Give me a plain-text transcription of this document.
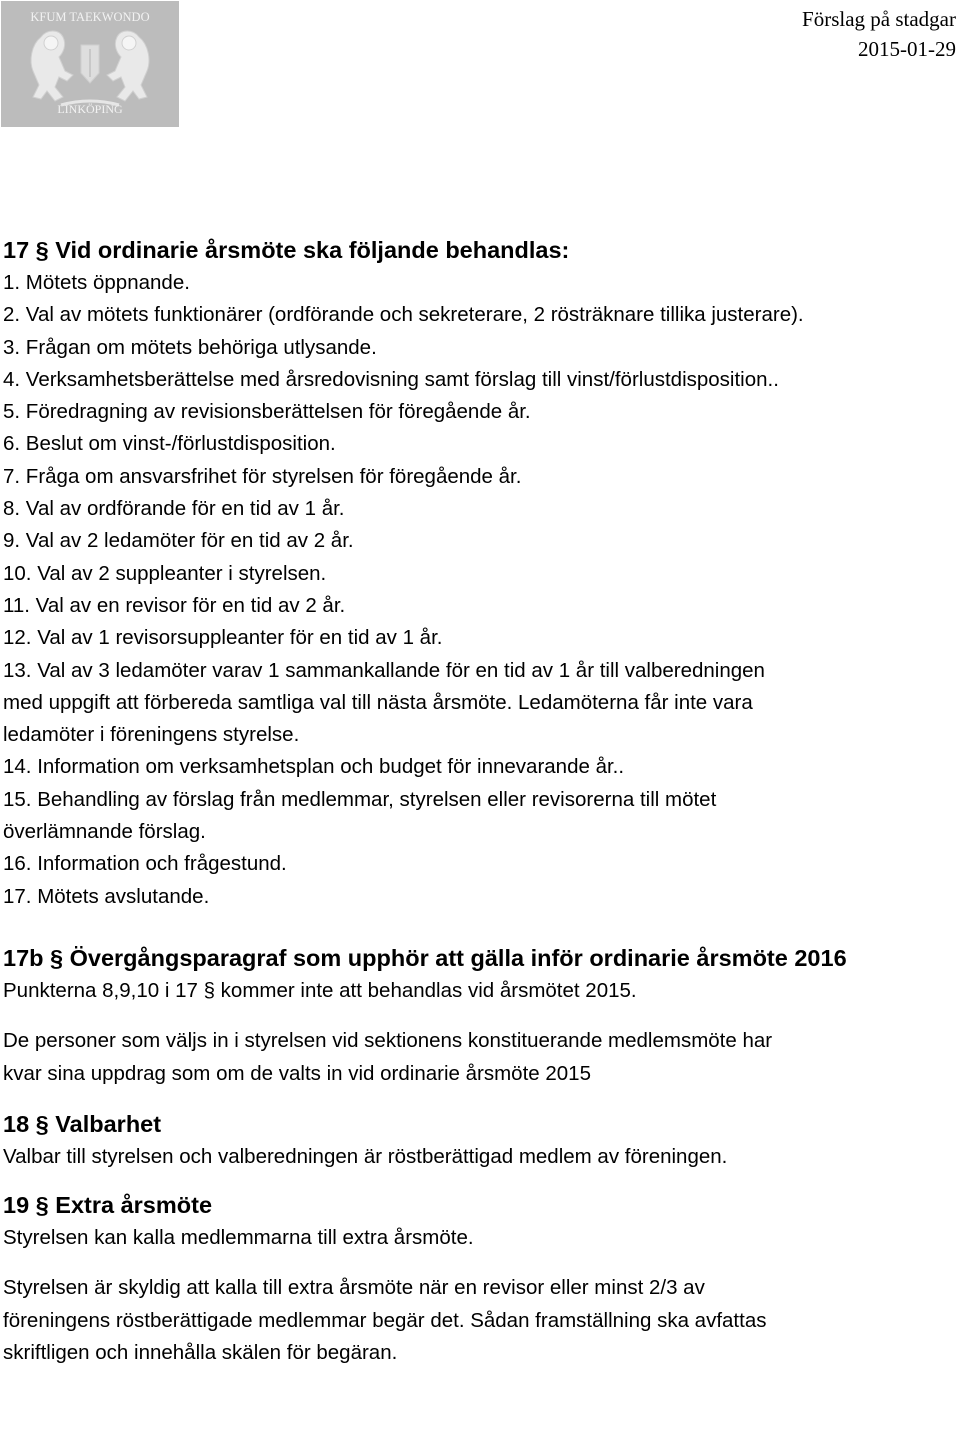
KFUM TAEKWONDO
LINKÖPING
Förslag på stadgar
2015-01-29
17 § Vid ordinarie årsmöte ska följande behandlas:
1. Mötets öppnande.
2. Val av mötets funktionärer (ordförande och sekreterare, 2 rösträknare tillika justerare).
3. Frågan om mötets behöriga utlysande.
4. Verksamhetsberättelse med årsredovisning samt förslag till vinst/förlustdisposition..
5. Föredragning av revisionsberättelsen för föregående år.
6. Beslut om vinst-/förlustdisposition.
7. Fråga om ansvarsfrihet för styrelsen för föregående år.
8. Val av ordförande för en tid av 1 år.
9. Val av 2 ledamöter för en tid av 2 år.
10. Val av 2 suppleanter i styrelsen.
11. Val av en revisor för en tid av 2 år.
12. Val av 1 revisorsuppleanter för en tid av 1 år.
13. Val av 3 ledamöter varav 1 sammankallande för en tid av 1 år till valberedningen
med uppgift att förbereda samtliga val till nästa årsmöte. Ledamöterna får inte vara
ledamöter i föreningens styrelse.
14. Information om verksamhetsplan och budget för innevarande år..
15. Behandling av förslag från medlemmar, styrelsen eller revisorerna till mötet
överlämnande förslag.
16. Information och frågestund.
17. Mötets avslutande.
17b § Övergångsparagraf som upphör att gälla inför ordinarie årsmöte 2016
Punkterna 8,9,10 i 17 § kommer inte att behandlas vid årsmötet 2015.
De personer som väljs in i styrelsen vid sektionens konstituerande medlemsmöte har
kvar sina uppdrag som om de valts in vid ordinarie årsmöte 2015
18 § Valbarhet
Valbar till styrelsen och valberedningen är röstberättigad medlem av föreningen.
19 § Extra årsmöte
Styrelsen kan kalla medlemmarna till extra årsmöte.
Styrelsen är skyldig att kalla till extra årsmöte när en revisor eller minst 2/3 av
föreningens röstberättigade medlemmar begär det. Sådan framställning ska avfattas
skriftligen och innehålla skälen för begäran.
